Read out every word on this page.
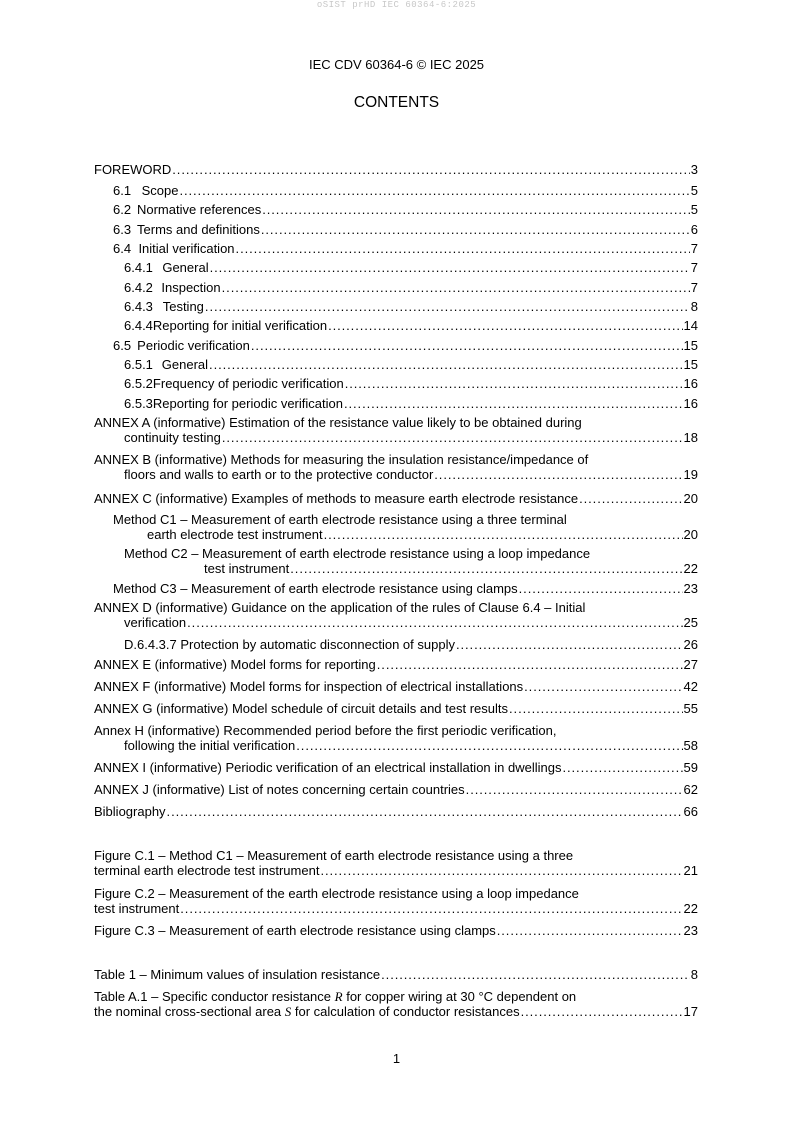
oSIST prHD IEC 60364-6:2025
IEC CDV 60364-6 © IEC 2025
CONTENTS
FOREWORD . . .	3
6.1 Scope . . .	5
6.2 Normative references . . .	5
6.3 Terms and definitions . . .	6
6.4 Initial verification . . .	7
6.4.1 General . . .	7
6.4.2 Inspection . . .	7
6.4.3 Testing . . .	8
6.4.4 Reporting for initial verification . . .	14
6.5 Periodic verification . . .	15
6.5.1 General . . .	15
6.5.2 Frequency of periodic verification . . .	16
6.5.3 Reporting for periodic verification . . .	16
ANNEX A (informative) Estimation of the resistance value likely to be obtained during
continuity testing . . .	18
ANNEX B (informative) Methods for measuring the insulation resistance/impedance of
floors and walls to earth or to the protective conductor . . .	19
ANNEX C (informative) Examples of methods to measure earth electrode resistance . . .	20
Method C1 – Measurement of earth electrode resistance using a three terminal
earth electrode test instrument . . .	20
Method C2 – Measurement of earth electrode resistance using a loop impedance
test instrument . . .	22
Method C3 – Measurement of earth electrode resistance using clamps . . .	23
ANNEX D (informative) Guidance on the application of the rules of Clause 6.4 – Initial
verification . . .	25
D.6.4.3.7 Protection by automatic disconnection of supply . . .	26
ANNEX E (informative) Model forms for reporting . . .	27
ANNEX F (informative) Model forms for inspection of electrical installations . . .	42
ANNEX G (informative) Model schedule of circuit details and test results . . .	55
Annex H (informative) Recommended period before the first periodic verification,
following the initial verification . . .	58
ANNEX I (informative) Periodic verification of an electrical installation in dwellings . . .	59
ANNEX J (informative) List of notes concerning certain countries . . .	62
Bibliography . . .	66
Figure C.1 – Method C1 – Measurement of earth electrode resistance using a three
terminal earth electrode test instrument . . .	21
Figure C.2 – Measurement of the earth electrode resistance using a loop impedance
test instrument . . .	22
Figure C.3 – Measurement of earth electrode resistance using clamps . . .	23
Table 1 – Minimum values of insulation resistance . . .	8
Table A.1 – Specific conductor resistance R for copper wiring at 30 °C dependent on
the nominal cross-sectional area S for calculation of conductor resistances . . .	17
1
